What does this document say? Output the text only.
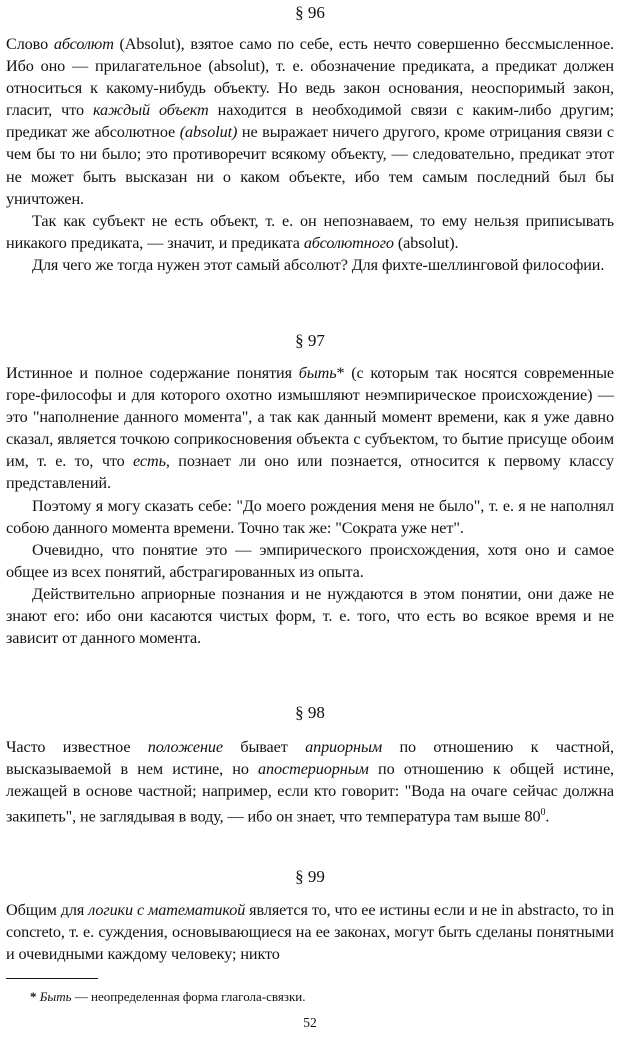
§ 96

Слово абсолют (Absolut), взятое само по себе, есть нечто совершенно бессмысленное. Ибо оно — прилагательное (absolut), т. е. обозначение предиката, а предикат должен относиться к какому-нибудь объекту. Но ведь закон основания, неоспоримый закон, гласит, что каждый объект находится в необходимой связи с каким-либо другим; предикат же абсолютное (absolut) не выражает ничего другого, кроме отрицания связи с чем бы то ни было; это противоречит всякому объекту, — следовательно, предикат этот не может быть высказан ни о каком объекте, ибо тем самым последний был бы уничтожен.

Так как субъект не есть объект, т. е. он непознаваем, то ему нельзя приписывать никакого предиката, — значит, и предиката абсолютного (absolut).

Для чего же тогда нужен этот самый абсолют? Для фихте-шеллинговой философии.

§ 97

Истинное и полное содержание понятия быть* (с которым так носятся современные горе-философы и для которого охотно измышляют неэмпирическое происхождение) — это "наполнение данного момента", а так как данный момент времени, как я уже давно сказал, является точкою соприкосновения объекта с субъектом, то бытие присуще обоим им, т. е. то, что есть, познает ли оно или познается, относится к первому классу представлений.

Поэтому я могу сказать себе: "До моего рождения меня не было", т. е. я не наполнял собою данного момента времени. Точно так же: "Сократа уже нет".

Очевидно, что понятие это — эмпирического происхождения, хотя оно и самое общее из всех понятий, абстрагированных из опыта.

Действительно априорные познания и не нуждаются в этом понятии, они даже не знают его: ибо они касаются чистых форм, т. е. того, что есть во всякое время и не зависит от данного момента.

§ 98

Часто известное положение бывает априорным по отношению к частной, высказываемой в нем истине, но апостериорным по отношению к общей истине, лежащей в основе частной; например, если кто говорит: "Вода на очаге сейчас должна закипеть", не заглядывая в воду, — ибо он знает, что температура там выше $80^0$.

§ 99

Общим для логики с математикой является то, что ее истины если и не in abstracto, то in concreto, т. е. суждения, основывающиеся на ее законах, могут быть сделаны понятными и очевидными каждому человеку; никто

* Быть — неопределенная форма глагола-связки.

52
